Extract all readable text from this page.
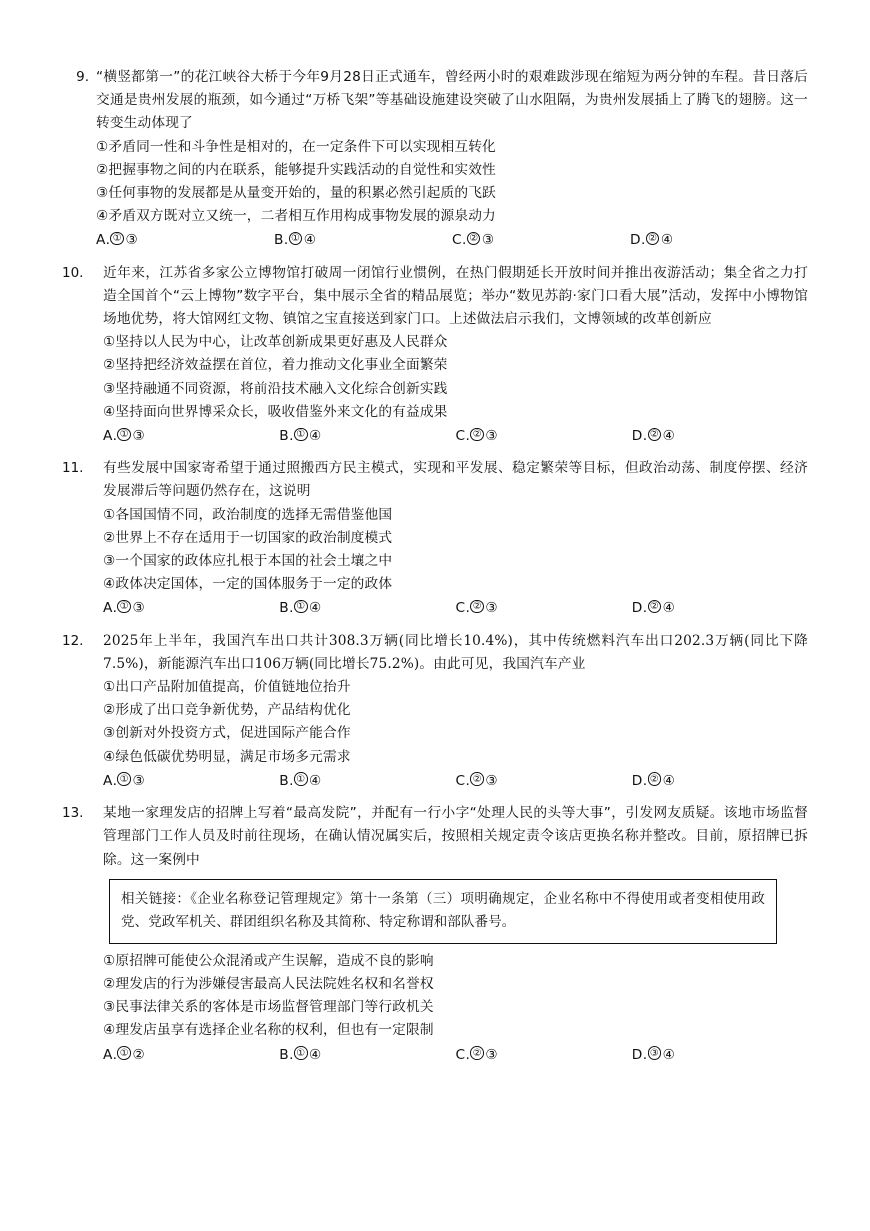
9. “横竖都第一”的花江峡谷大桥于今年9月28日正式通车，曾经两小时的艰难跋涉现在缩短为两分钟的车程。昔日落后交通是贵州发展的瓶颈，如今通过“万桥飞架”等基础设施建设突破了山水阻隔，为贵州发展插上了腾飞的翅膀。这一转变生动体现了
①矛盾同一性和斗争性是相对的，在一定条件下可以实现相互转化
②把握事物之间的内在联系，能够提升实践活动的自觉性和实效性
③任何事物的发展都是从量变开始的，量的积累必然引起质的飞跃
④矛盾双方既对立又统一，二者相互作用构成事物发展的源泉动力
A. ① ③	B. ① ④	C. ② ③	D. ② ④
10.	近年来，江苏省多家公立博物馆打破周一闭馆行业惯例，在热门假期延长开放时间并推出夜游活动；集全省之力打造全国首个“云上博物”数字平台，集中展示全省的精品展览；举办“数见苏韵·家门口看大展”活动，发挥中小博物馆场地优势，将大馆网红文物、镇馆之宝直接送到家门口。上述做法启示我们，文博领域的改革创新应
①坚持以人民为中心，让改革创新成果更好惠及人民群众
②坚持把经济效益摆在首位，着力推动文化事业全面繁荣
③坚持融通不同资源，将前沿技术融入文化综合创新实践
④坚持面向世界博采众长，吸收借鉴外来文化的有益成果
A. ① ③	B. ① ④	C. ② ③	D. ② ④
11.	有些发展中国家寄希望于通过照搬西方民主模式，实现和平发展、稳定繁荣等目标，但政治动荡、制度停摆、经济发展滞后等问题仍然存在，这说明
①各国国情不同，政治制度的选择无需借鉴他国
②世界上不存在适用于一切国家的政治制度模式
③一个国家的政体应扎根于本国的社会土壤之中
④政体决定国体，一定的国体服务于一定的政体
A. ① ③	B. ① ④	C. ② ③	D. ② ④
12.	2025年上半年，我国汽车出口共计308.3万辆(同比增长10.4%)，其中传统燃料汽车出口202.3万辆(同比下降7.5%)，新能源汽车出口106万辆(同比增长75.2%)。由此可见，我国汽车产业
①出口产品附加值提高，价值链地位抬升
②形成了出口竞争新优势，产品结构优化
③创新对外投资方式，促进国际产能合作
④绿色低碳优势明显，满足市场多元需求
A. ① ③	B. ① ④	C. ② ③	D. ② ④
13.	某地一家理发店的招牌上写着“最高发院”，并配有一行小字“处理人民的头等大事”，引发网友质疑。该地市场监督管理部门工作人员及时前往现场，在确认情况属实后，按照相关规定责令该店更换名称并整改。目前，原招牌已拆除。这一案例中
相关链接：《企业名称登记管理规定》第十一条第（三）项明确规定，企业名称中不得使用或者变相使用政党、党政军机关、群团组织名称及其简称、特定称谓和部队番号。
①原招牌可能使公众混淆或产生误解，造成不良的影响
②理发店的行为涉嫌侵害最高人民法院姓名权和名誉权
③民事法律关系的客体是市场监督管理部门等行政机关
④理发店虽享有选择企业名称的权利，但也有一定限制
A. ① ②	B. ① ④	C. ② ③	D. ③ ④
